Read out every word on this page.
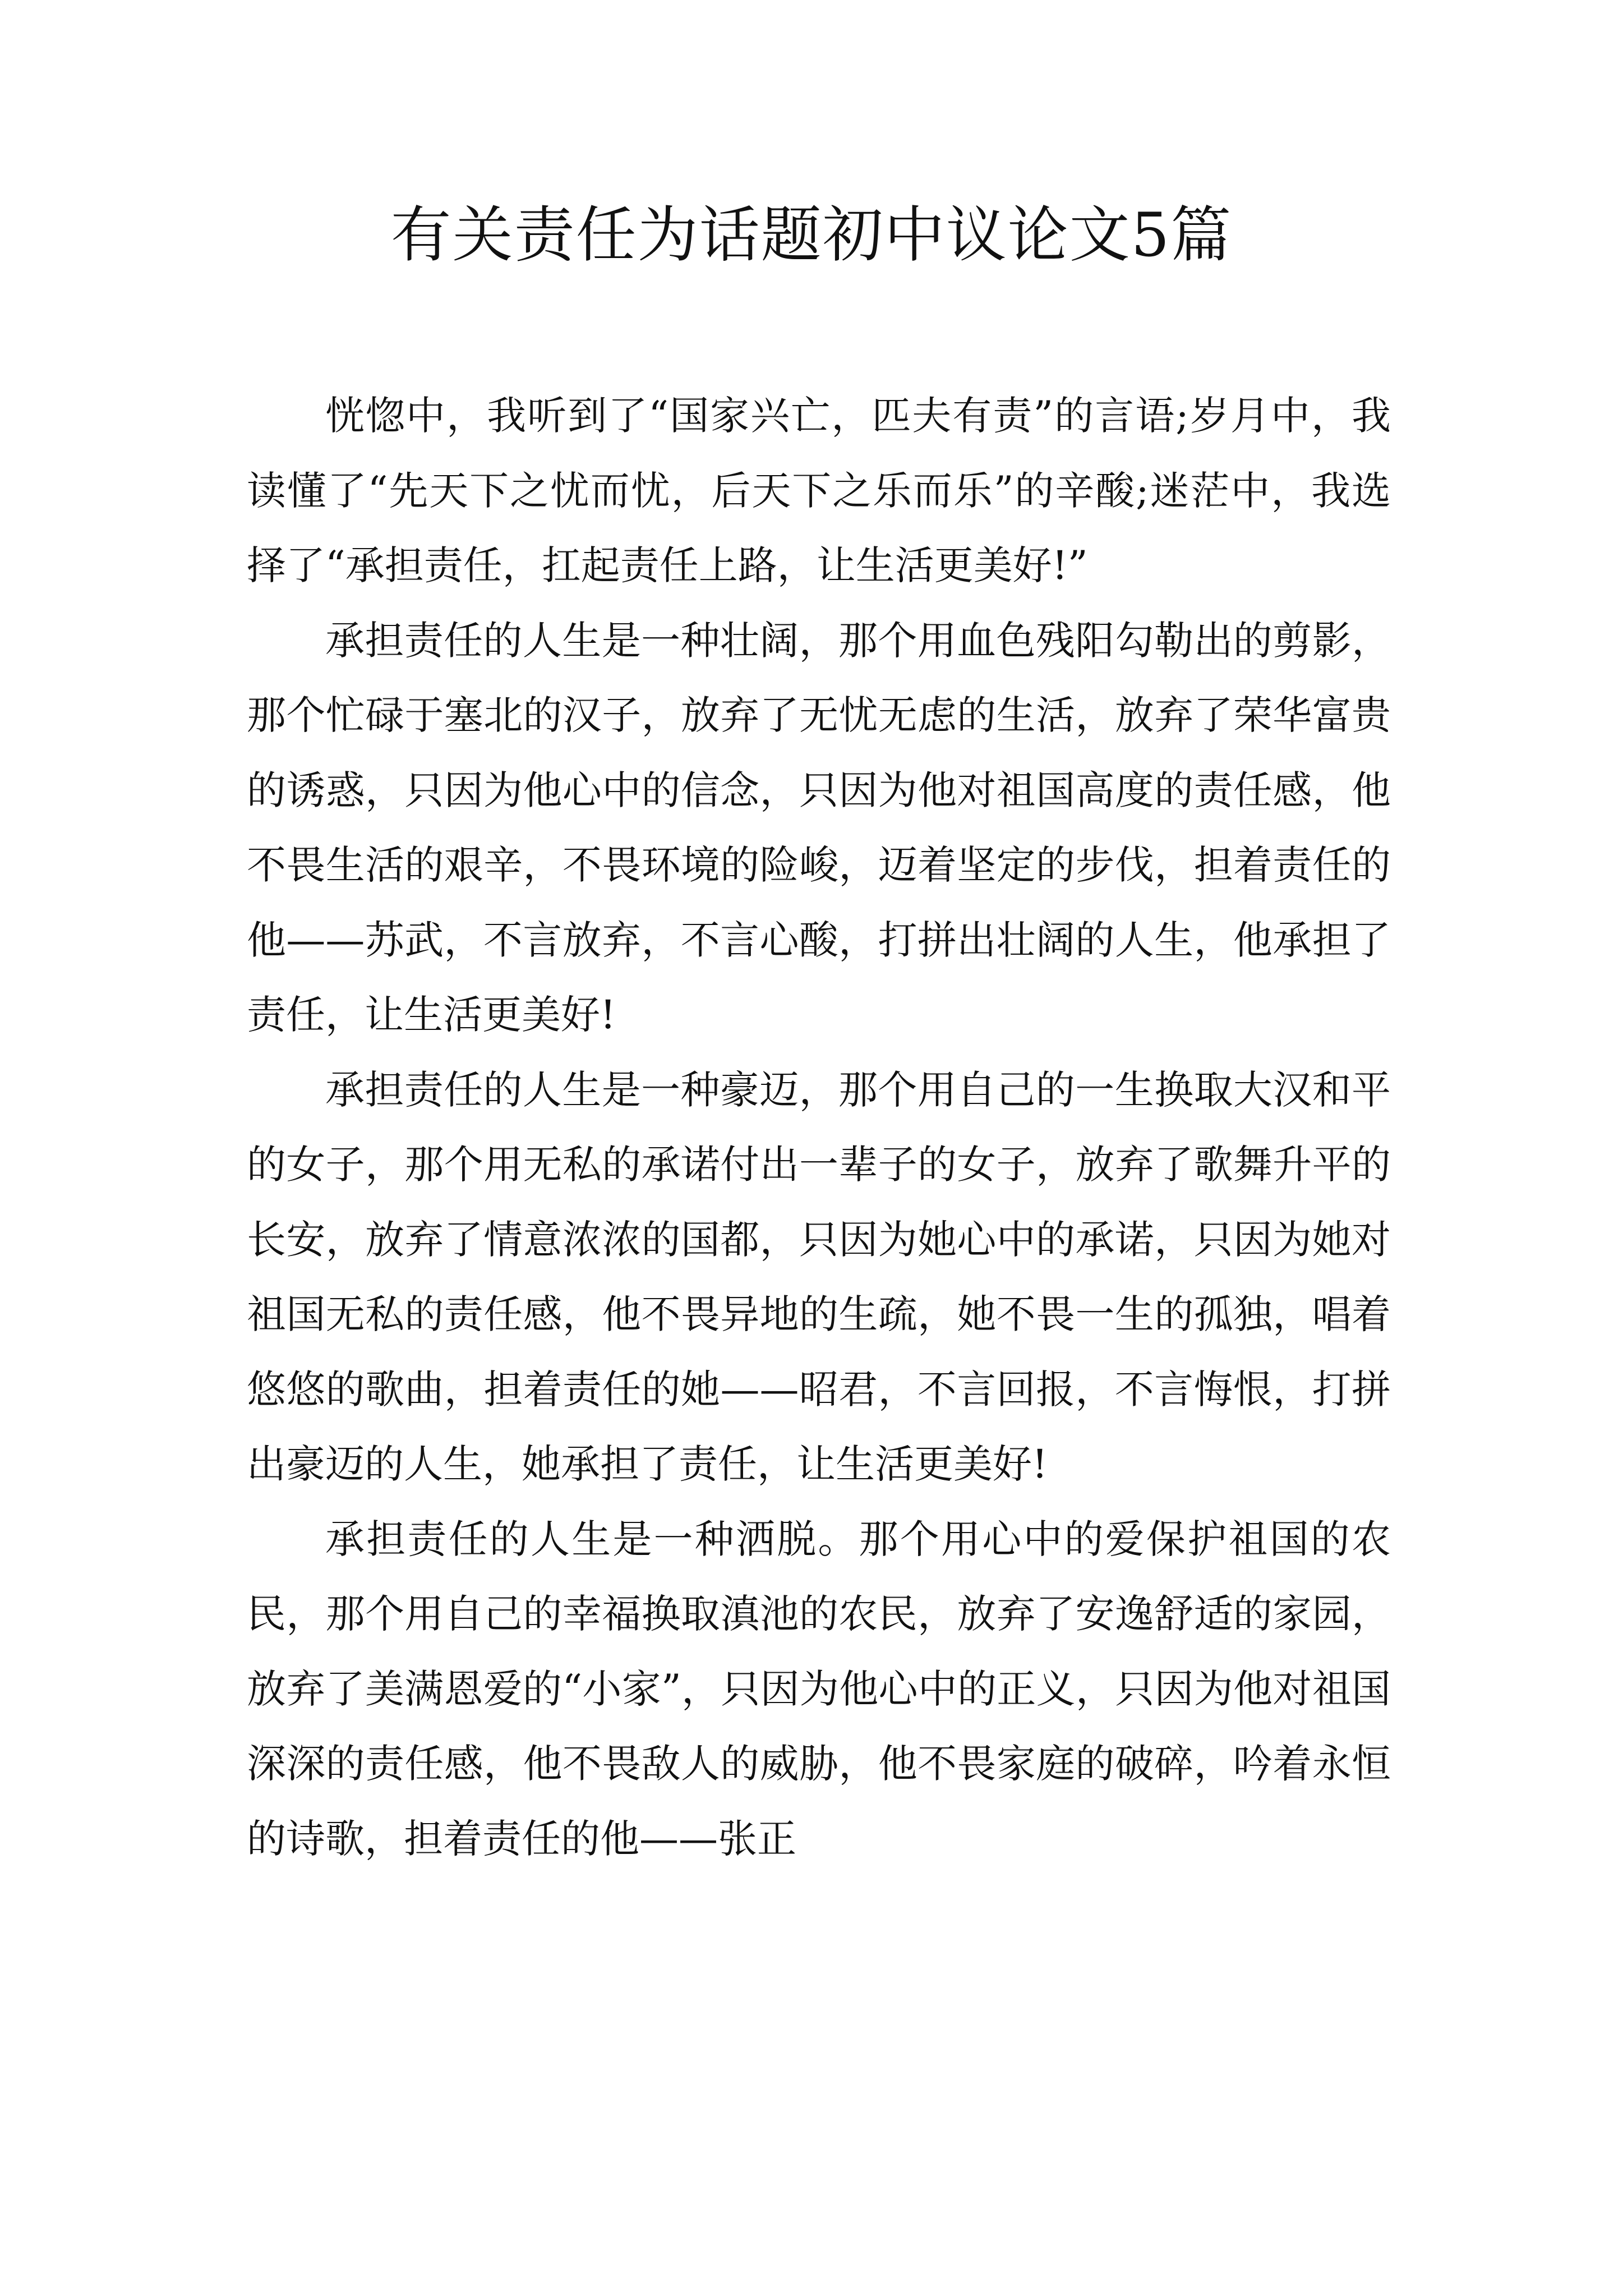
有关责任为话题初中议论文5篇

恍惚中，我听到了“国家兴亡，匹夫有责”的言语;岁月中，我读懂了“先天下之忧而忧，后天下之乐而乐”的辛酸;迷茫中，我选择了“承担责任，扛起责任上路，让生活更美好!”

承担责任的人生是一种壮阔，那个用血色残阳勾勒出的剪影，那个忙碌于塞北的汉子，放弃了无忧无虑的生活，放弃了荣华富贵的诱惑，只因为他心中的信念，只因为他对祖国高度的责任感，他不畏生活的艰辛，不畏环境的险峻，迈着坚定的步伐，担着责任的他——苏武，不言放弃，不言心酸，打拼出壮阔的人生，他承担了责任，让生活更美好!

承担责任的人生是一种豪迈，那个用自己的一生换取大汉和平的女子，那个用无私的承诺付出一辈子的女子，放弃了歌舞升平的长安，放弃了情意浓浓的国都，只因为她心中的承诺，只因为她对祖国无私的责任感，他不畏异地的生疏，她不畏一生的孤独，唱着悠悠的歌曲，担着责任的她——昭君，不言回报，不言悔恨，打拼出豪迈的人生，她承担了责任，让生活更美好!

承担责任的人生是一种洒脱。那个用心中的爱保护祖国的农民，那个用自己的幸福换取滇池的农民，放弃了安逸舒适的家园，放弃了美满恩爱的“小家”，只因为他心中的正义，只因为他对祖国深深的责任感，他不畏敌人的威胁，他不畏家庭的破碎，吟着永恒的诗歌，担着责任的他——张正
